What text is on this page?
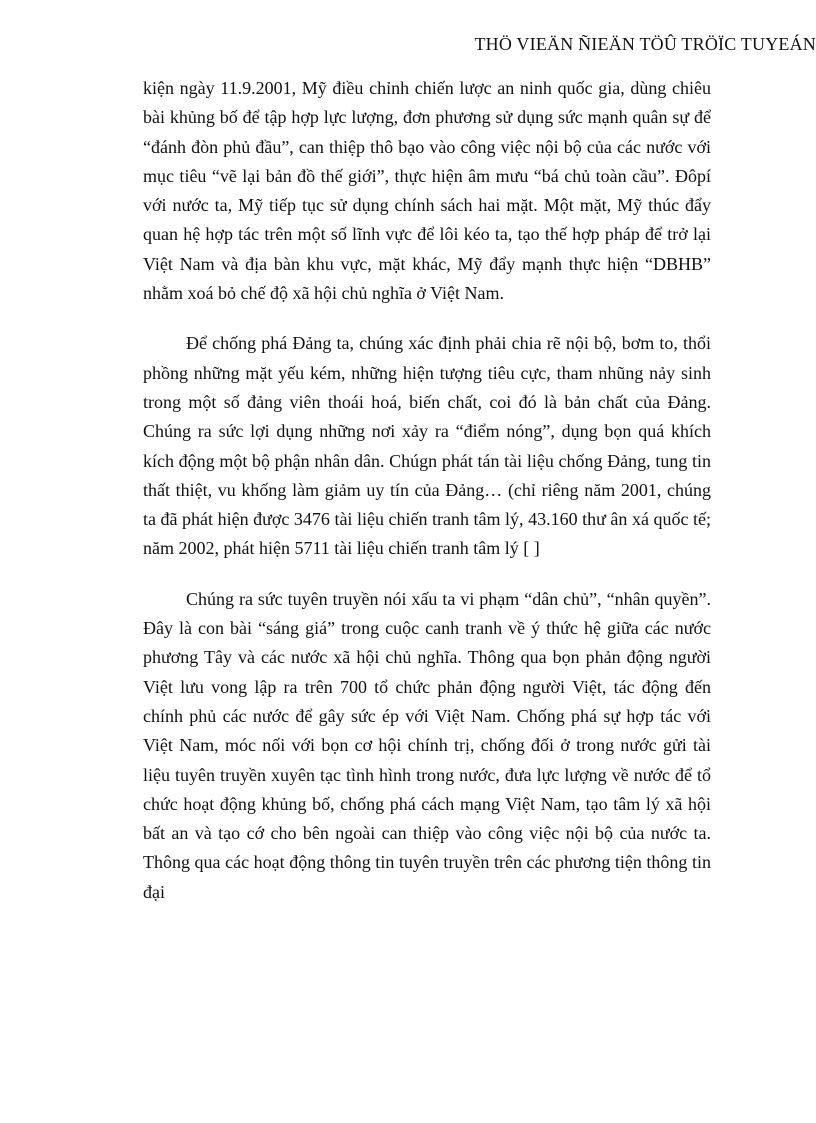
THÖ VIEÄN ÑIEÄN TÖÛ TRÖÏC TUYEÁN

kiện ngày 11.9.2001, Mỹ điều chỉnh chiến lược an ninh quốc gia, dùng chiêu bài khủng bố để tập hợp lực lượng, đơn phương sử dụng sức mạnh quân sự để “đánh đòn phủ đầu”, can thiệp thô bạo vào công việc nội bộ của các nước với mục tiêu “vẽ lại bản đồ thế giới”, thực hiện âm mưu “bá chủ toàn cầu”. Đôpí với nước ta, Mỹ tiếp tục sử dụng chính sách hai mặt. Một mặt, Mỹ thúc đẩy quan hệ hợp tác trên một số lĩnh vực để lôi kéo ta, tạo thế hợp pháp để trở lại Việt Nam và địa bàn khu vực, mặt khác, Mỹ đẩy mạnh thực hiện “DBHB” nhằm xoá bỏ chế độ xã hội chủ nghĩa ở Việt Nam.

Để chống phá Đảng ta, chúng xác định phải chia rẽ nội bộ, bơm to, thổi phồng những mặt yếu kém, những hiện tượng tiêu cực, tham nhũng nảy sinh trong một số đảng viên thoái hoá, biến chất, coi đó là bản chất của Đảng. Chúng ra sức lợi dụng những nơi xảy ra “điểm nóng”, dụng bọn quá khích kích động một bộ phận nhân dân. Chúgn phát tán tài liệu chống Đảng, tung tin thất thiệt, vu khống làm giảm uy tín của Đảng… (chỉ riêng năm 2001, chúng ta đã phát hiện được 3476 tài liệu chiến tranh tâm lý, 43.160 thư ân xá quốc tế; năm 2002, phát hiện 5711 tài liệu chiến tranh tâm lý [ ]

Chúng ra sức tuyên truyền nói xấu ta vi phạm “dân chủ”, “nhân quyền”. Đây là con bài “sáng giá” trong cuộc canh tranh về ý thức hệ giữa các nước phương Tây và các nước xã hội chủ nghĩa. Thông qua bọn phản động người Việt lưu vong lập ra trên 700 tổ chức phản động người Việt, tác động đến chính phủ các nước để gây sức ép với Việt Nam. Chống phá sự hợp tác với Việt Nam, móc nối với bọn cơ hội chính trị, chống đối ở trong nước gửi tài liệu tuyên truyền xuyên tạc tình hình trong nước, đưa lực lượng về nước để tổ chức hoạt động khủng bố, chống phá cách mạng Việt Nam, tạo tâm lý xã hội bất an và tạo cớ cho bên ngoài can thiệp vào công việc nội bộ của nước ta. Thông qua các hoạt động thông tin tuyên truyền trên các phương tiện thông tin đại
